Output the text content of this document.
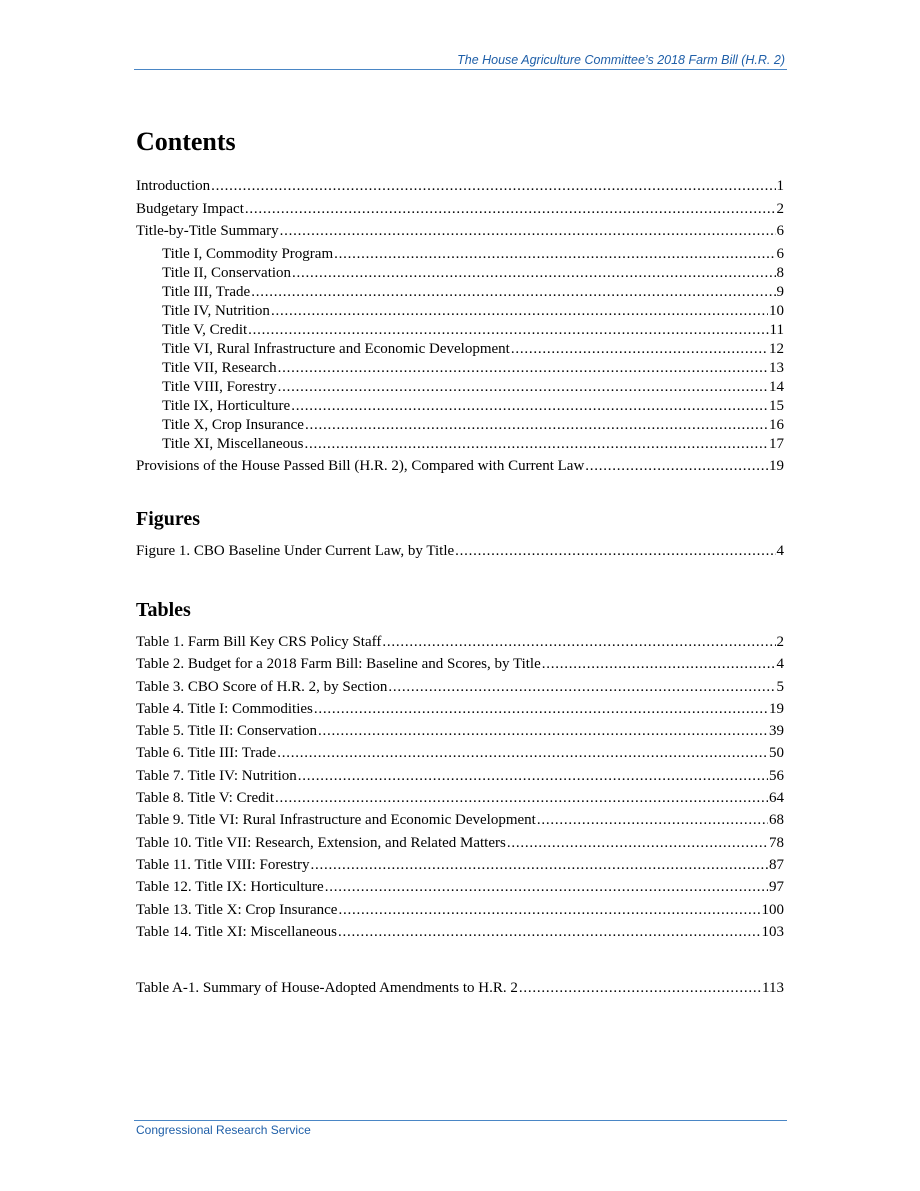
The House Agriculture Committee’s 2018 Farm Bill (H.R. 2)
Contents
Introduction . . .	1
Budgetary Impact . . .	2
Title-by-Title Summary . . .	6
Title I, Commodity Program . . .	6
Title II, Conservation . . .	8
Title III, Trade . . .	9
Title IV, Nutrition . . .	10
Title V, Credit . . .	11
Title VI, Rural Infrastructure and Economic Development . . .	12
Title VII, Research . . .	13
Title VIII, Forestry . . .	14
Title IX, Horticulture . . .	15
Title X, Crop Insurance . . .	16
Title XI, Miscellaneous . . .	17
Provisions of the House Passed Bill (H.R. 2), Compared with Current Law . . .	19
Figures
Figure 1. CBO Baseline Under Current Law, by Title . . .	4
Tables
Table 1. Farm Bill Key CRS Policy Staff . . .	2
Table 2. Budget for a 2018 Farm Bill: Baseline and Scores, by Title . . .	4
Table 3. CBO Score of H.R. 2, by Section . . .	5
Table 4. Title I: Commodities . . .	19
Table 5. Title II: Conservation . . .	39
Table 6. Title III: Trade . . .	50
Table 7. Title IV: Nutrition . . .	56
Table 8. Title V: Credit . . .	64
Table 9. Title VI: Rural Infrastructure and Economic Development . . .	68
Table 10. Title VII: Research, Extension, and Related Matters . . .	78
Table 11. Title VIII: Forestry . . .	87
Table 12. Title IX: Horticulture . . .	97
Table 13. Title X: Crop Insurance . . .	100
Table 14. Title XI: Miscellaneous . . .	103
Table A-1. Summary of House-Adopted Amendments to H.R. 2 . . .	113
Congressional Research Service
